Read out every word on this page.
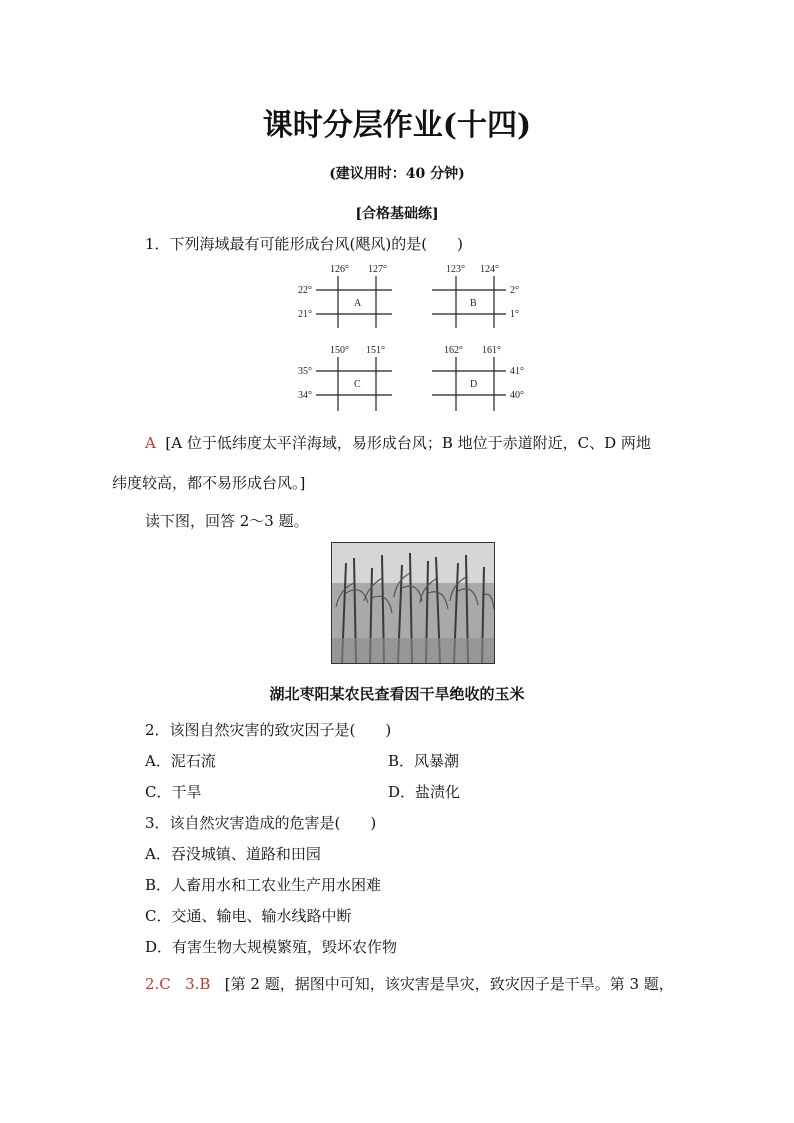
课时分层作业(十四)
(建议用时：40 分钟)
[合格基础练]
1．下列海域最有可能形成台风(飓风)的是(　　)
126° 127°
22°
21°
A
123° 124°
2°
1°
B
150° 151°
35°
34°
C
162° 161°
41°
40°
D
A [A 位于低纬度太平洋海域，易形成台风；B 地位于赤道附近，C、D 两地
纬度较高，都不易形成台风。]
读下图，回答 2～3 题。
湖北枣阳某农民查看因干旱绝收的玉米
2．该图自然灾害的致灾因子是(　　)
A．泥石流	B．风暴潮
C．干旱	D．盐渍化
3．该自然灾害造成的危害是(　　)
A．吞没城镇、道路和田园
B．人畜用水和工农业生产用水困难
C．交通、输电、输水线路中断
D．有害生物大规模繁殖，毁坏农作物
2.C 3.B [第 2 题，据图中可知，该灾害是旱灾，致灾因子是干旱。第 3 题，
